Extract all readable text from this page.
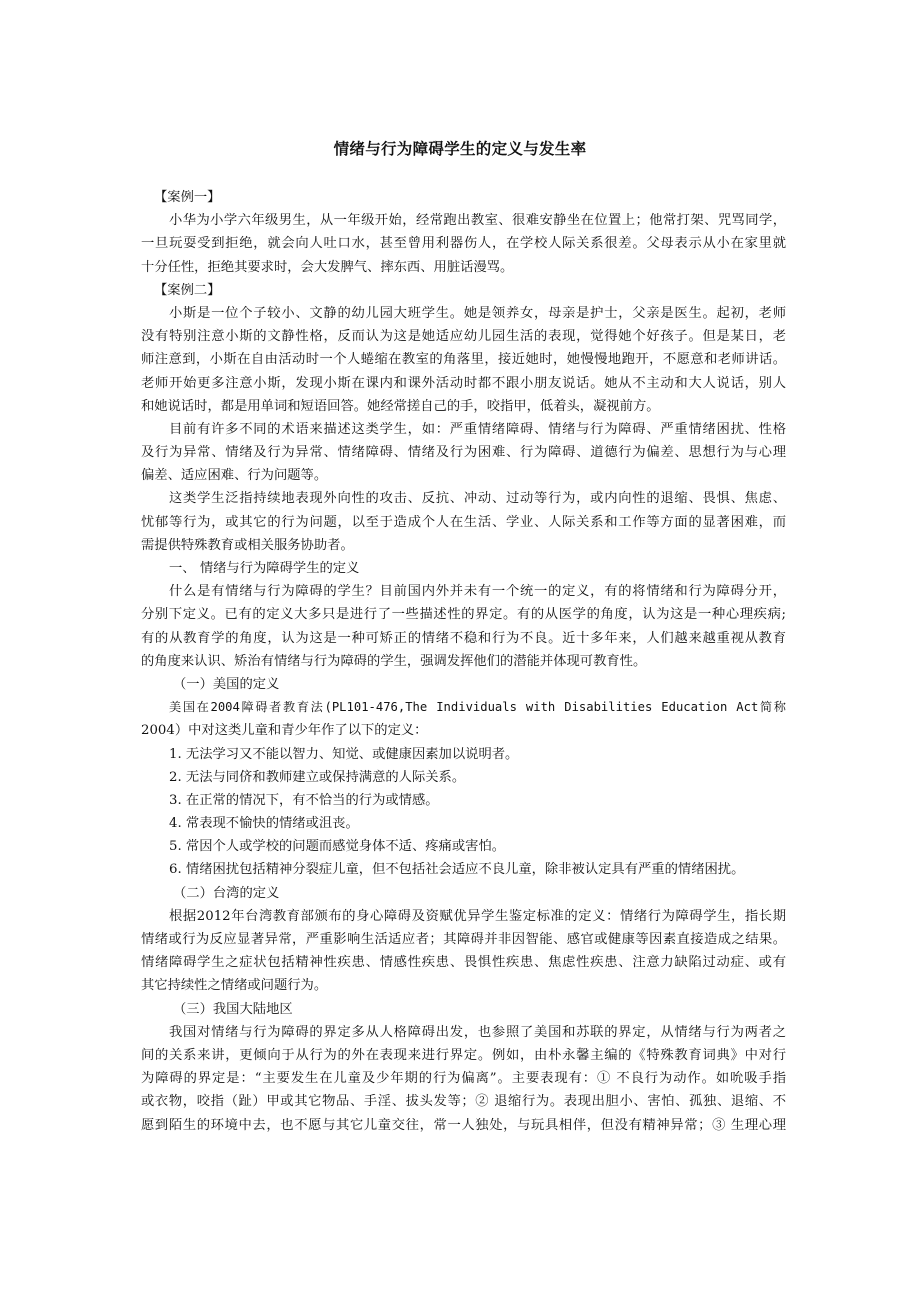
情绪与行为障碍学生的定义与发生率
【案例一】
小华为小学六年级男生，从一年级开始，经常跑出教室、很难安静坐在位置上；他常打架、咒骂同学，
一旦玩耍受到拒绝，就会向人吐口水，甚至曾用利器伤人，在学校人际关系很差。父母表示从小在家里就
十分任性，拒绝其要求时，会大发脾气、摔东西、用脏话漫骂。
【案例二】
小斯是一位个子较小、文静的幼儿园大班学生。她是领养女，母亲是护士，父亲是医生。起初，老师
没有特别注意小斯的文静性格，反而认为这是她适应幼儿园生活的表现，觉得她个好孩子。但是某日，老
师注意到，小斯在自由活动时一个人蜷缩在教室的角落里，接近她时，她慢慢地跑开，不愿意和老师讲话。
老师开始更多注意小斯，发现小斯在课内和课外活动时都不跟小朋友说话。她从不主动和大人说话，别人
和她说话时，都是用单词和短语回答。她经常搓自己的手，咬指甲，低着头，凝视前方。
目前有许多不同的术语来描述这类学生，如：严重情绪障碍、情绪与行为障碍、严重情绪困扰、性格
及行为异常、情绪及行为异常、情绪障碍、情绪及行为困难、行为障碍、道德行为偏差、思想行为与心理
偏差、适应困难、行为问题等。
这类学生泛指持续地表现外向性的攻击、反抗、冲动、过动等行为，或内向性的退缩、畏惧、焦虑、
忧郁等行为，或其它的行为问题，以至于造成个人在生活、学业、人际关系和工作等方面的显著困难，而
需提供特殊教育或相关服务协助者。
一、 情绪与行为障碍学生的定义
什么是有情绪与行为障碍的学生？目前国内外并未有一个统一的定义，有的将情绪和行为障碍分开，
分别下定义。已有的定义大多只是进行了一些描述性的界定。有的从医学的角度，认为这是一种心理疾病;
有的从教育学的角度，认为这是一种可矫正的情绪不稳和行为不良。近十多年来，人们越来越重视从教育
的角度来认识、矫治有情绪与行为障碍的学生，强调发挥他们的潜能并体现可教育性。
（一）美国的定义
美国在2004障碍者教育法(PL101-476,The Individuals with Disabilities Education Act简称
2004）中对这类儿童和青少年作了以下的定义：
1. 无法学习又不能以智力、知觉、或健康因素加以说明者。
2. 无法与同侪和教师建立或保持满意的人际关系。
3. 在正常的情况下，有不恰当的行为或情感。
4. 常表现不愉快的情绪或沮丧。
5. 常因个人或学校的问题而感觉身体不适、疼痛或害怕。
6. 情绪困扰包括精神分裂症儿童，但不包括社会适应不良儿童，除非被认定具有严重的情绪困扰。
（二）台湾的定义
根据2012年台湾教育部颁布的身心障碍及资赋优异学生鉴定标准的定义：情绪行为障碍学生，指长期
情绪或行为反应显著异常，严重影响生活适应者；其障碍并非因智能、感官或健康等因素直接造成之结果。
情绪障碍学生之症状包括精神性疾患、情感性疾患、畏惧性疾患、焦虑性疾患、注意力缺陷过动症、或有
其它持续性之情绪或问题行为。
（三）我国大陆地区
我国对情绪与行为障碍的界定多从人格障碍出发，也参照了美国和苏联的界定，从情绪与行为两者之
间的关系来讲，更倾向于从行为的外在表现来进行界定。例如，由朴永馨主编的《特殊教育词典》中对行
为障碍的界定是：“主要发生在儿童及少年期的行为偏离”。主要表现有：① 不良行为动作。如吮吸手指
或衣物，咬指（趾）甲或其它物品、手淫、拔头发等；② 退缩行为。表现出胆小、害怕、孤独、退缩、不
愿到陌生的环境中去，也不愿与其它儿童交往，常一人独处，与玩具相伴，但没有精神异常；③ 生理心理
